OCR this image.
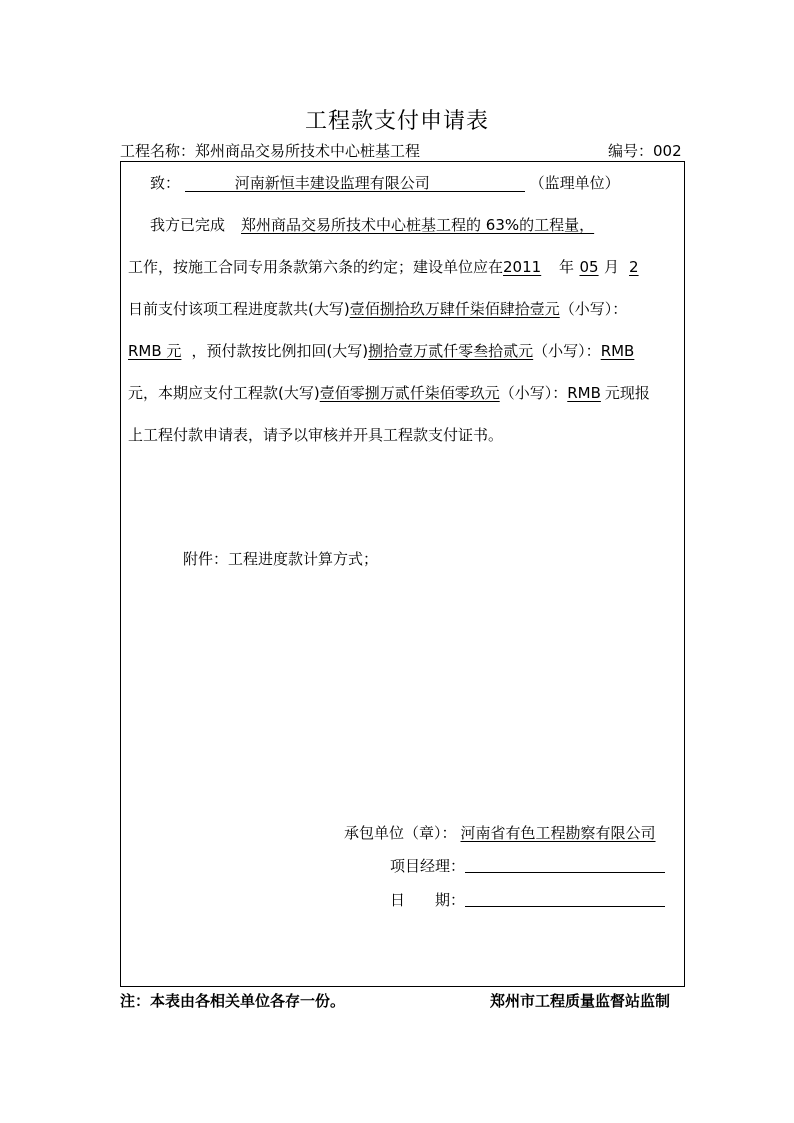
工程款支付申请表
工程名称：郑州商品交易所技术中心桩基工程	编号：002
致：	河南新恒丰建设监理有限公司	（监理单位）
我方已完成 郑州商品交易所技术中心桩基工程的 63%的工程量，
工作，按施工合同专用条款第六条的约定；建设单位应在2011 年 05 月 2
日前支付该项工程进度款共(大写)壹佰捌拾玖万肆仟柒佰肆拾壹元（小写）：
RMB 元 ，预付款按比例扣回(大写)捌拾壹万贰仟零叁拾贰元（小写）：RMB
元，本期应支付工程款(大写)壹佰零捌万贰仟柒佰零玖元（小写）：RMB 元现报
上工程付款申请表，请予以审核并开具工程款支付证书。
附件：工程进度款计算方式；
承包单位（章）： 河南省有色工程勘察有限公司
项目经理：
日　　期：
注：本表由各相关单位各存一份。	郑州市工程质量监督站监制
